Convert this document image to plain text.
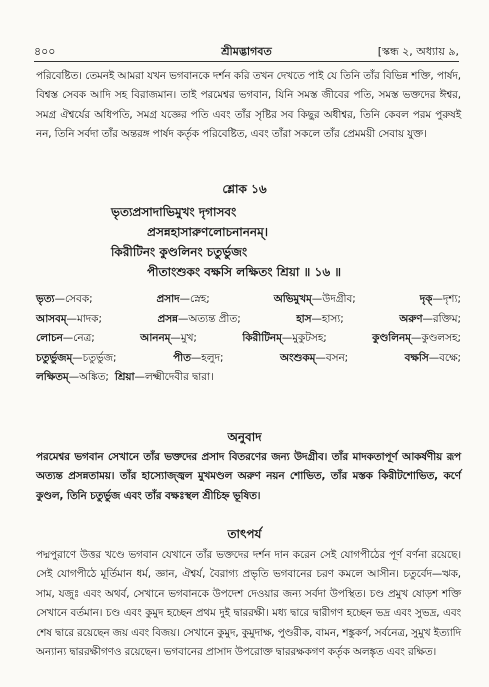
৪০০	শ্রীমদ্ভাগবত	[স্কন্ধ ২, অধ্যায় ৯,
পরিবেষ্টিত। তেমনই আমরা যখন ভগবানকে দর্শন করি তখন দেখতে পাই যে তিনি তাঁর বিভিন্ন শক্তি, পার্ষদ, বিশ্বস্ত সেবক আদি সহ বিরাজমান। তাই পরমেশ্বর ভগবান, যিনি সমস্ত জীবের পতি, সমস্ত ভক্তদের ঈশ্বর, সমগ্র ঐশ্বর্যের অধিপতি, সমগ্র যজ্ঞের পতি এবং তাঁর সৃষ্টির সব কিছুর অধীশ্বর, তিনি কেবল পরম পুরুষই নন, তিনি সর্বদা তাঁর অন্তরঙ্গ পার্ষদ কর্তৃক পরিবেষ্টিত, এবং তাঁরা সকলে তাঁর প্রেমময়ী সেবায় যুক্ত।
শ্লোক ১৬
ভৃত্যপ্রসাদাভিমুখং দৃগাসবং
প্রসন্নহাসারুণলোচনাননম্।
কিরীটিনং কুণ্ডলিনং চতুর্ভুজং
পীতাংশুকং বক্ষসি লক্ষিতং শ্রিয়া ॥ ১৬ ॥
ভৃত্য—সেবক;	প্রসাদ—স্নেহ;	অভিমুখম্—উদগ্রীব;	দৃক্—দৃশ্য;
আসবম্—মাদক;	প্রসন্ন—অত্যন্ত প্রীত;	হাস—হাস্য;	অরুণ—রক্তিম;
লোচন—নেত্র;	আননম্—মুখ;	কিরীটিনম্—মুকুটসহ;	কুণ্ডলিনম্—কুণ্ডলসহ;
চতুর্ভুজম্—চতুর্ভুজ;	পীত—হলুদ;	অংশুকম্—বসন;	বক্ষসি—বক্ষে;
লক্ষিতম্—অঙ্কিত; শ্রিয়া—লক্ষ্মীদেবীর দ্বারা।
অনুবাদ
পরমেশ্বর ভগবান সেখানে তাঁর ভক্তদের প্রসাদ বিতরণের জন্য উদগ্রীব। তাঁর মাদকতাপূর্ণ আকর্ষণীয় রূপ অত্যন্ত প্রসন্নতাময়। তাঁর হাস্যোজ্জ্বল মুখমণ্ডল অরুণ নয়ন শোভিত, তাঁর মস্তক কিরীটশোভিত, কর্ণে কুণ্ডল, তিনি চতুর্ভুজ এবং তাঁর বক্ষঃস্থল শ্রীচিহ্ন ভূষিত।
তাৎপর্য
পদ্মপুরাণে উত্তর খণ্ডে ভগবান যেখানে তাঁর ভক্তদের দর্শন দান করেন সেই যোগপীঠের পূর্ণ বর্ণনা রয়েছে। সেই যোগপীঠে মূর্তিমান ধর্ম, জ্ঞান, ঐশ্বর্য, বৈরাগ্য প্রভৃতি ভগবানের চরণ কমলে আসীন। চতুর্বেদ—ঋক, সাম, যজুঃ এবং অথর্ব, সেখানে ভগবানকে উপদেশ দেওয়ার জন্য সর্বদা উপস্থিত। চণ্ড প্রমুখ ষোড়শ শক্তি সেখানে বর্তমান। চণ্ড এবং কুমুদ হচ্ছেন প্রথম দুই দ্বাররক্ষী। মধ্য দ্বারে দ্বারীগণ হচ্ছেন ভদ্র এবং সুভদ্র, এবং শেষ দ্বারে রয়েছেন জয় এবং বিজয়। সেখানে কুমুদ, কুমুদাক্ষ, পুণ্ডরীক, বামন, শঙ্কুকর্ণ, সর্বনেত্র, সুমুখ ইত্যাদি অন্যান্য দ্বাররক্ষীগণও রয়েছেন। ভগবানের প্রাসাদ উপরোক্ত দ্বাররক্ষকগণ কর্তৃক অলঙ্কৃত এবং রক্ষিত।
